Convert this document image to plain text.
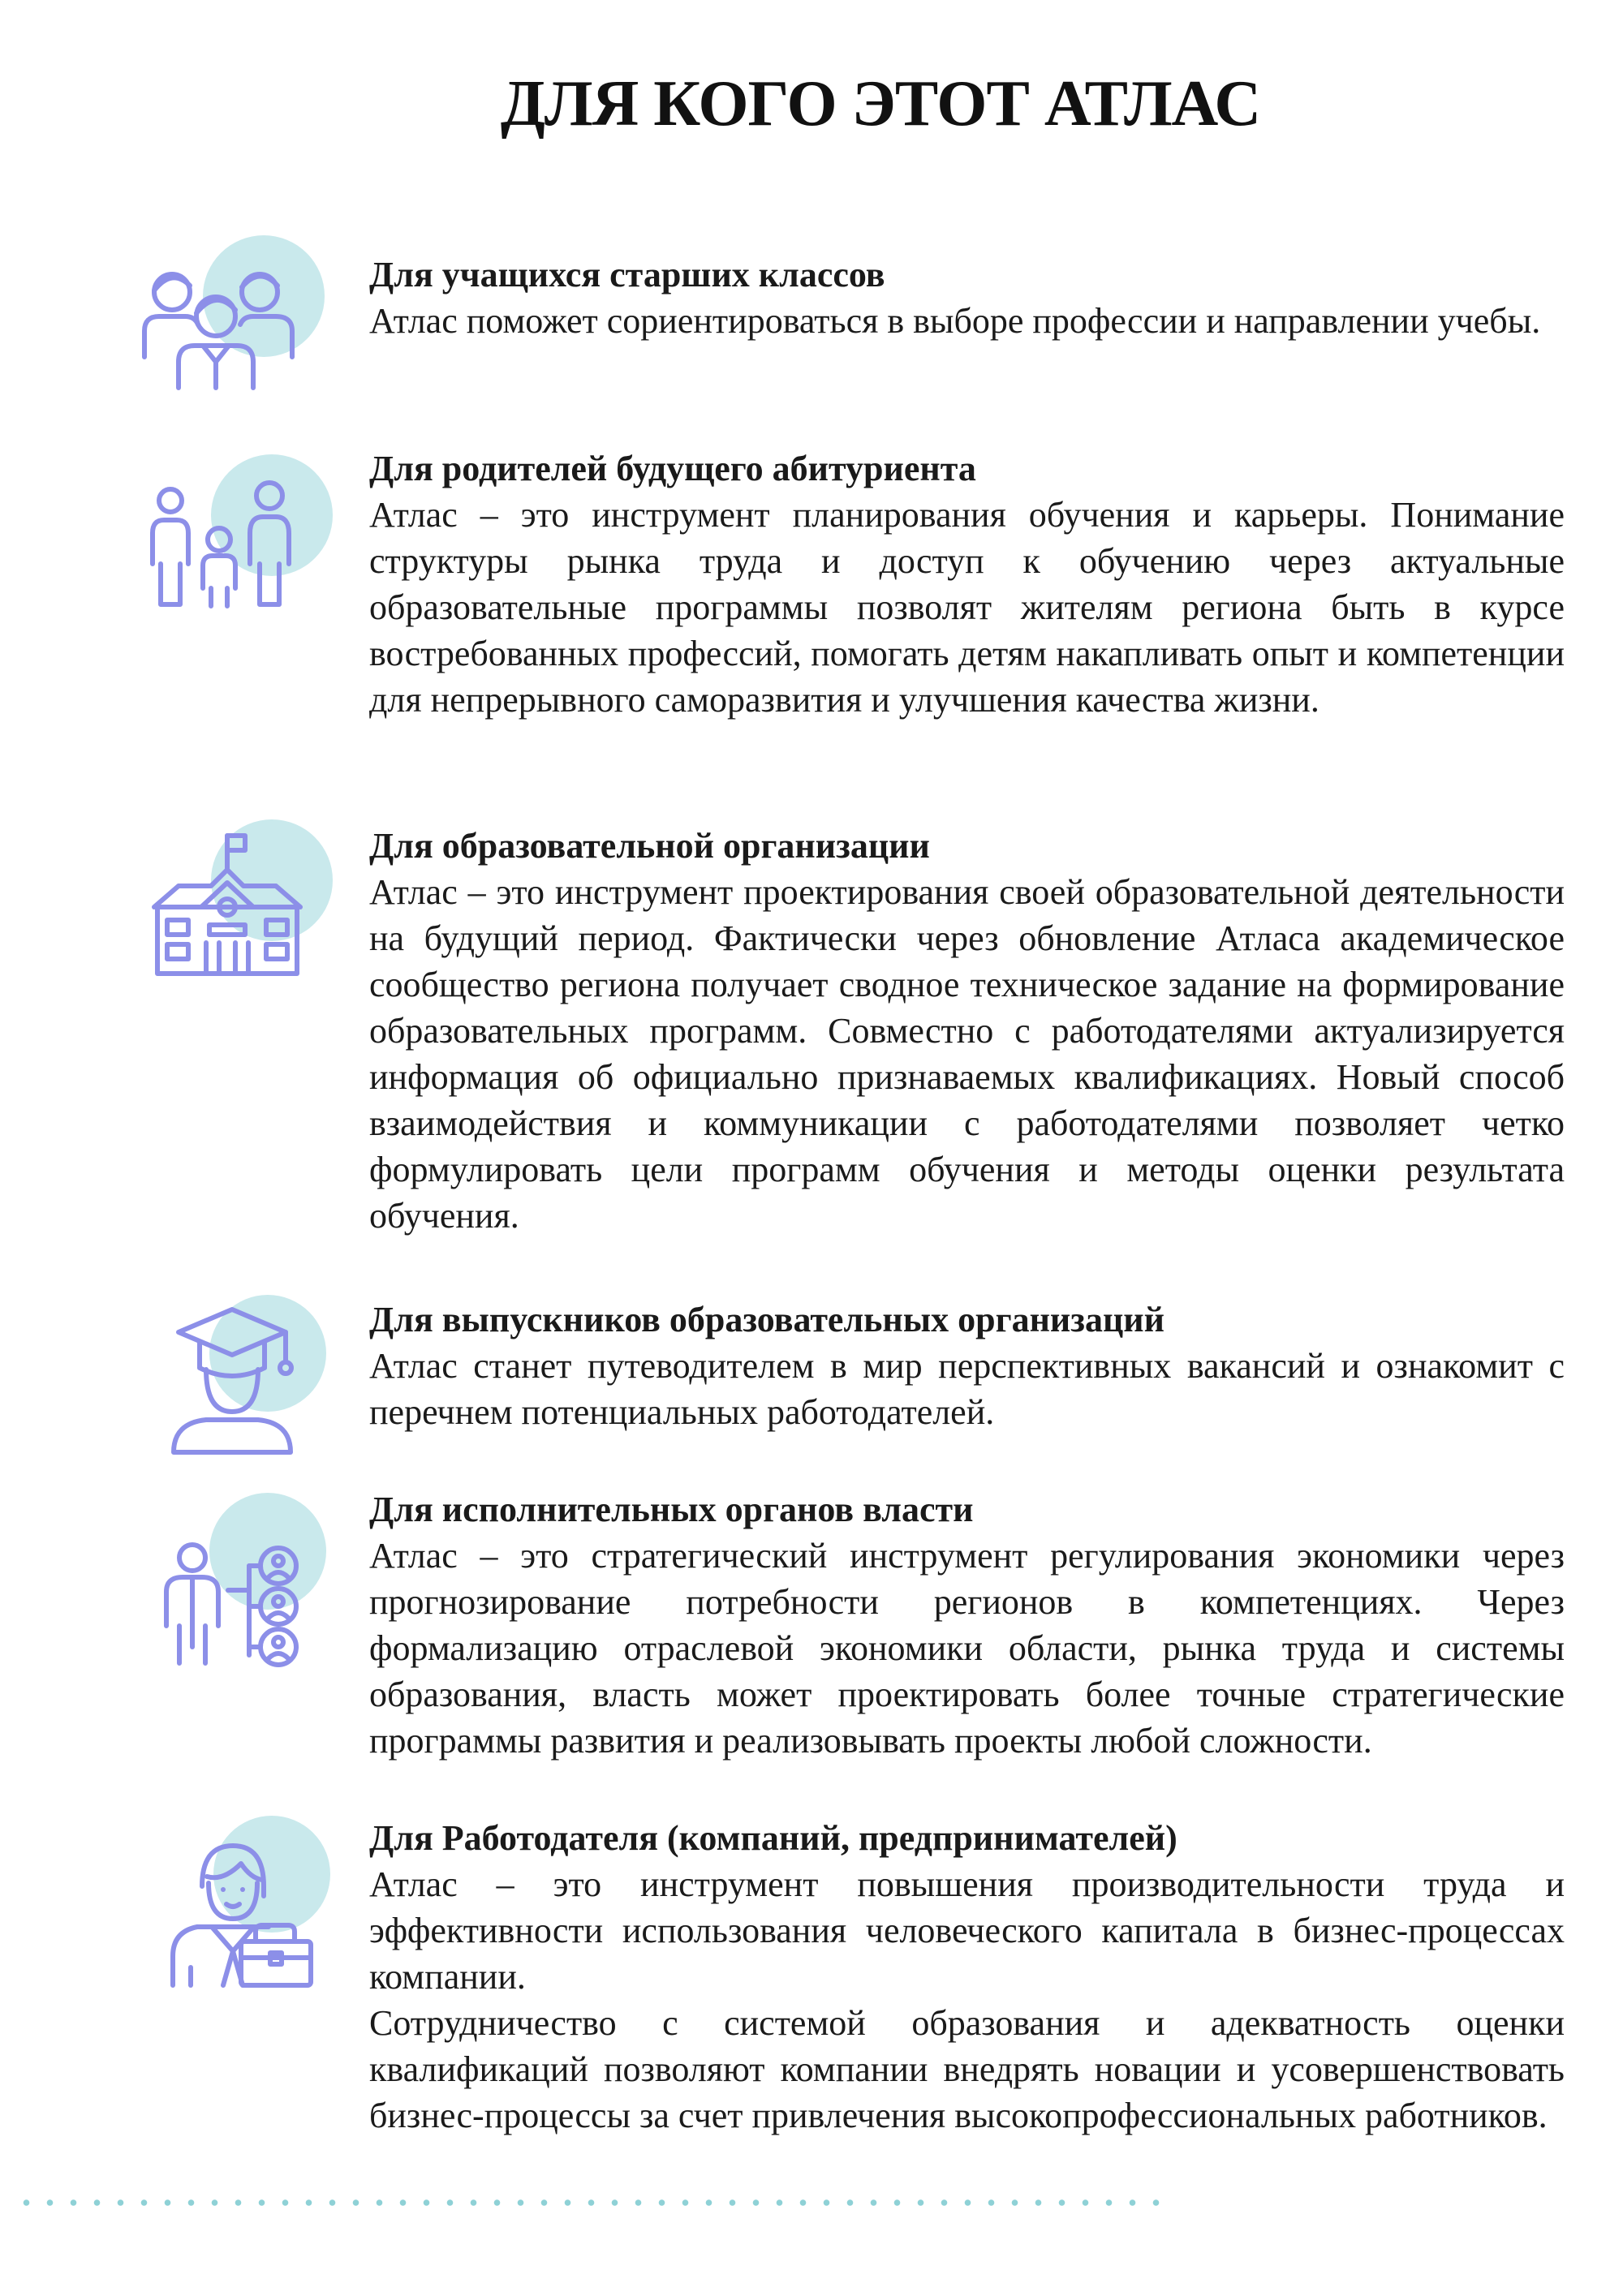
ДЛЯ КОГО ЭТОТ АТЛАС

Для учащихся старших классов

Атлас поможет сориентироваться в выборе профессии и направлении учебы.

Для родителей будущего абитуриента

Атлас – это инструмент планирования обучения и карьеры. Понимание структуры рынка труда и доступ к обучению через актуальные образовательные программы позволят жителям региона быть в курсе востребованных профессий, помогать детям накапливать опыт и компетенции для непрерывного саморазвития и улучшения качества жизни.

Для образовательной организации

Атлас – это инструмент проектирования своей образовательной деятельности на будущий период. Фактически через обновление Атласа академическое сообщество региона получает сводное техническое задание на формирование образовательных программ. Совместно с работодателями актуализируется информация об официально признаваемых квалификациях. Новый способ взаимодействия и коммуникации с работодателями позволяет четко формулировать цели программ обучения и методы оценки результата обучения.

Для выпускников образовательных организаций

Атлас станет путеводителем в мир перспективных вакансий и ознакомит с перечнем потенциальных работодателей.

Для исполнительных органов власти

Атлас – это стратегический инструмент регулирования экономики через прогнозирование потребности регионов в компетенциях. Через формализацию отраслевой экономики области, рынка труда и системы образования, власть может проектировать более точные стратегические программы развития и реализовывать проекты любой сложности.

Для Работодателя (компаний, предпринимателей)

Атлас – это инструмент повышения производительности труда и эффективности использования человеческого капитала в бизнес-процессах компании.

Сотрудничество с системой образования и адекватность оценки квалификаций позволяют компании внедрять новации и усовершенствовать бизнес-процессы за счет привлечения высокопрофессиональных работников.
